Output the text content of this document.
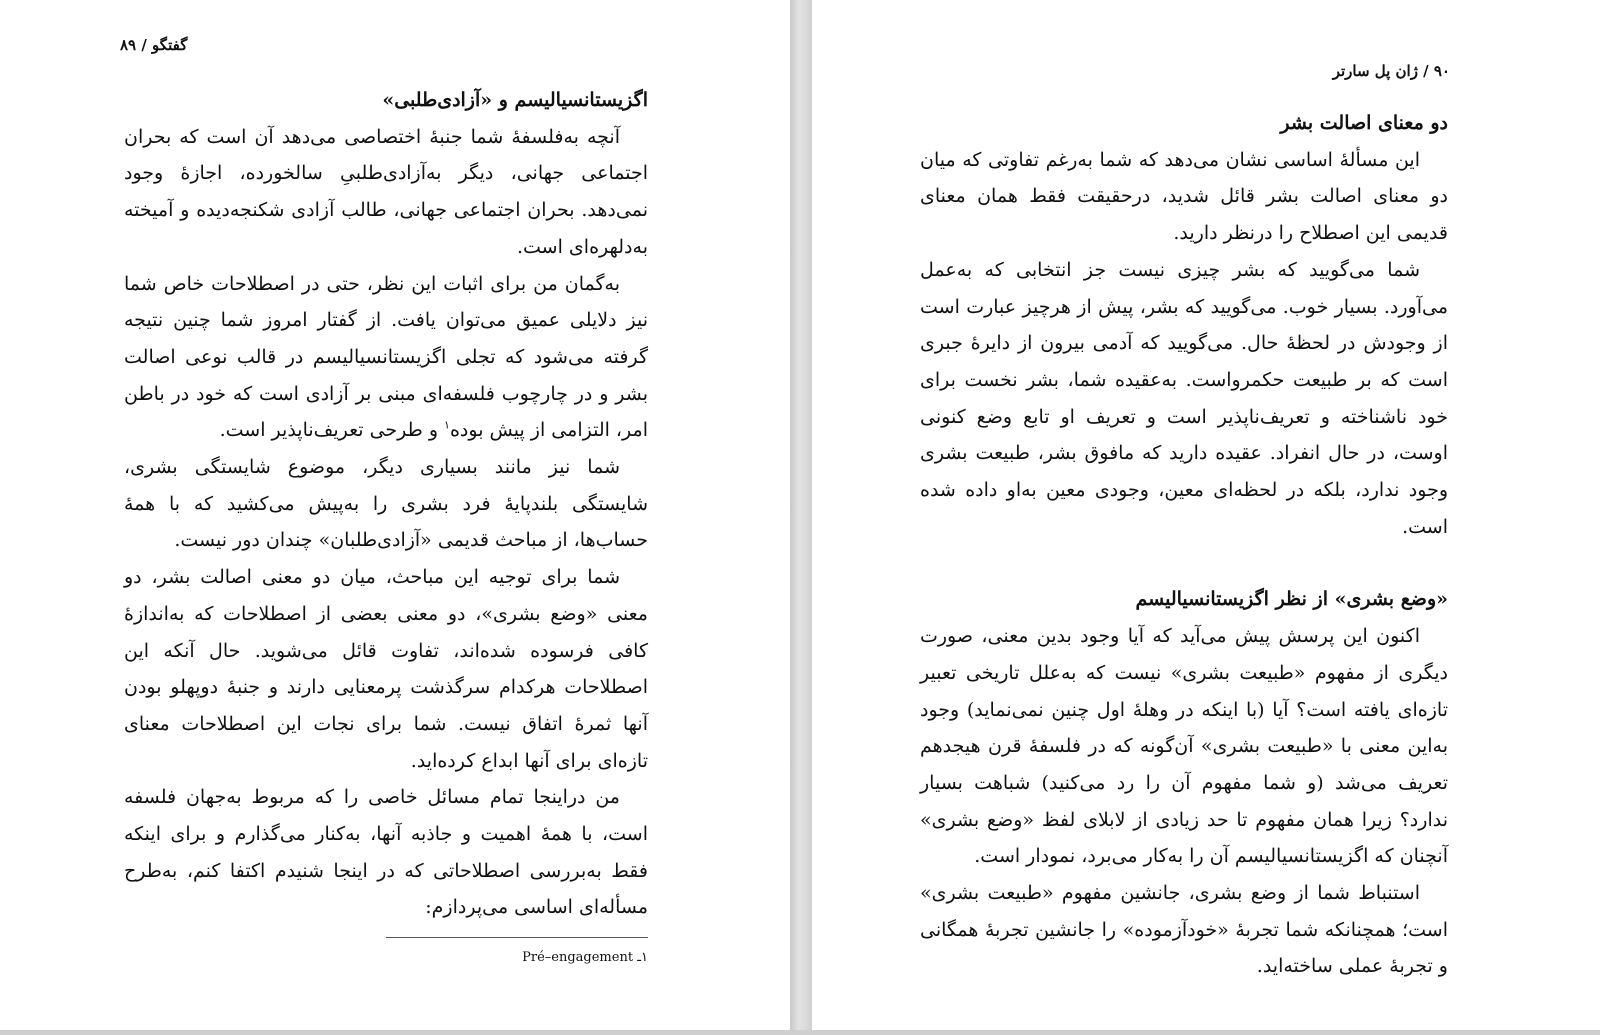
گفتگو / ۸۹

اگزیستانسیالیسم و «آزادی‌طلبی»

آنچه به‌فلسفهٔ شما جنبهٔ اختصاصی می‌دهد آن است که بحران اجتماعی جهانی، دیگر به‌آزادی‌طلبیِ سالخورده، اجازهٔ وجود نمی‌دهد. بحران اجتماعی جهانی، طالب آزادی شکنجه‌دیده و آمیخته به‌دلهره‌ای است.

به‌گمان من برای اثبات این نظر، حتی در اصطلاحات خاص شما نیز دلایلی عمیق می‌توان یافت. از گفتار امروز شما چنین نتیجه گرفته می‌شود که تجلی اگزیستانسیالیسم در قالب نوعی اصالت بشر و در چارچوب فلسفه‌ای مبنی بر آزادی است که خود در باطن امر، التزامی از پیش بوده$^۱$ و طرحی تعریف‌ناپذیر است.

شما نیز مانند بسیاری دیگر، موضوع شایستگی بشری، شایستگی بلندپایهٔ فرد بشری را به‌پیش می‌کشید که با همهٔ حساب‌ها، از مباحث قدیمی «آزادی‌طلبان» چندان دور نیست.

شما برای توجیه این مباحث، میان دو معنی اصالت بشر، دو معنی «وضع بشری»، دو معنی بعضی از اصطلاحات که به‌اندازهٔ کافی فرسوده شده‌اند، تفاوت قائل می‌شوید. حال آنکه این اصطلاحات هرکدام سرگذشت پرمعنایی دارند و جنبهٔ دوپهلو بودن آنها ثمرهٔ اتفاق نیست. شما برای نجات این اصطلاحات معنای تازه‌ای برای آنها ابداع کرده‌اید.

من دراینجا تمام مسائل خاصی را که مربوط به‌جهان فلسفه است، با همهٔ اهمیت و جاذبه آنها، به‌کنار می‌گذارم و برای اینکه فقط به‌بررسی اصطلاحاتی که در اینجا شنیدم اکتفا کنم، به‌طرح مسأله‌ای اساسی می‌پردازم:

۱ـ Pré–engagement
۹۰ / ژان پل سارتر

دو معنای اصالت بشر

این مسألهٔ اساسی نشان می‌دهد که شما به‌رغم تفاوتی که میان دو معنای اصالت بشر قائل شدید، درحقیقت فقط همان معنای قدیمی این اصطلاح را درنظر دارید.

شما می‌گویید که بشر چیزی نیست جز انتخابی که به‌عمل می‌آورد. بسیار خوب. می‌گویید که بشر، پیش از هرچیز عبارت است از وجودش در لحظهٔ حال. می‌گویید که آدمی بیرون از دایرهٔ جبری است که بر طبیعت حکمرواست. به‌عقیده شما، بشر نخست برای خود ناشناخته و تعریف‌ناپذیر است و تعریف او تابع وضع کنونی اوست، در حال انفراد. عقیده دارید که مافوق بشر، طبیعت بشری وجود ندارد، بلکه در لحظه‌ای معین، وجودی معین به‌او داده شده است.

«وضع بشری» از نظر اگزیستانسیالیسم

اکنون این پرسش پیش می‌آید که آیا وجود بدین معنی، صورت دیگری از مفهوم «طبیعت بشری» نیست که به‌علل تاریخی تعبیر تازه‌ای یافته است؟ آیا (با اینکه در وهلهٔ اول چنین نمی‌نماید) وجود به‌این معنی با «طبیعت بشری» آن‌گونه که در فلسفهٔ قرن هیجدهم تعریف می‌شد (و شما مفهوم آن را رد می‌کنید) شباهت بسیار ندارد؟ زیرا همان مفهوم تا حد زیادی از لابلای لفظ «وضع بشری» آنچنان که اگزیستانسیالیسم آن را به‌کار می‌برد، نمودار است.

استنباط شما از وضع بشری، جانشین مفهوم «طبیعت بشری» است؛ همچنانکه شما تجربهٔ «خودآزموده» را جانشین تجربهٔ همگانی و تجربهٔ عملی ساخته‌اید.
